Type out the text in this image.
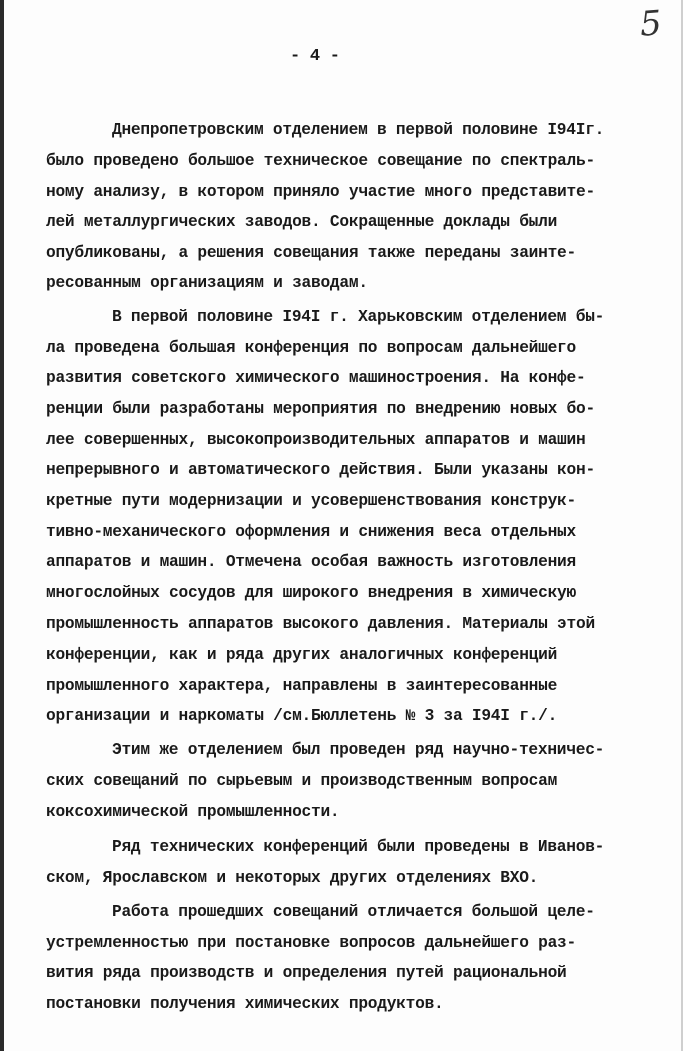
5
- 4 -
Днепропетровским отделением в первой половине I94Iг.
было проведено большое техническое совещание по спектраль-
ному анализу, в котором приняло участие много представите-
лей металлургических заводов. Сокращенные доклады были
опубликованы, а решения совещания также переданы заинте-
ресованным организациям и заводам.
В первой половине I94I г. Харьковским отделением бы-
ла проведена большая конференция по вопросам дальнейшего
развития советского химического машиностроения. На конфе-
ренции были разработаны мероприятия по внедрению новых бо-
лее совершенных, высокопроизводительных аппаратов и машин
непрерывного и автоматического действия. Были указаны кон-
кретные пути модернизации и усовершенствования конструк-
тивно-механического оформления и снижения веса отдельных
аппаратов и машин. Отмечена особая важность изготовления
многослойных сосудов для широкого внедрения в химическую
промышленность аппаратов высокого давления. Материалы этой
конференции, как и ряда других аналогичных конференций
промышленного характера, направлены в заинтересованные
организации и наркоматы /см.Бюллетень № 3 за I94I г./.
Этим же отделением был проведен ряд научно-техничес-
ских совещаний по сырьевым и производственным вопросам
коксохимической промышленности.
Ряд технических конференций были проведены в Иванов-
ском, Ярославском и некоторых других отделениях ВХО.
Работа прошедших совещаний отличается большой целе-
устремленностью при постановке вопросов дальнейшего раз-
вития ряда производств и определения путей рациональной
постановки получения химических продуктов.
